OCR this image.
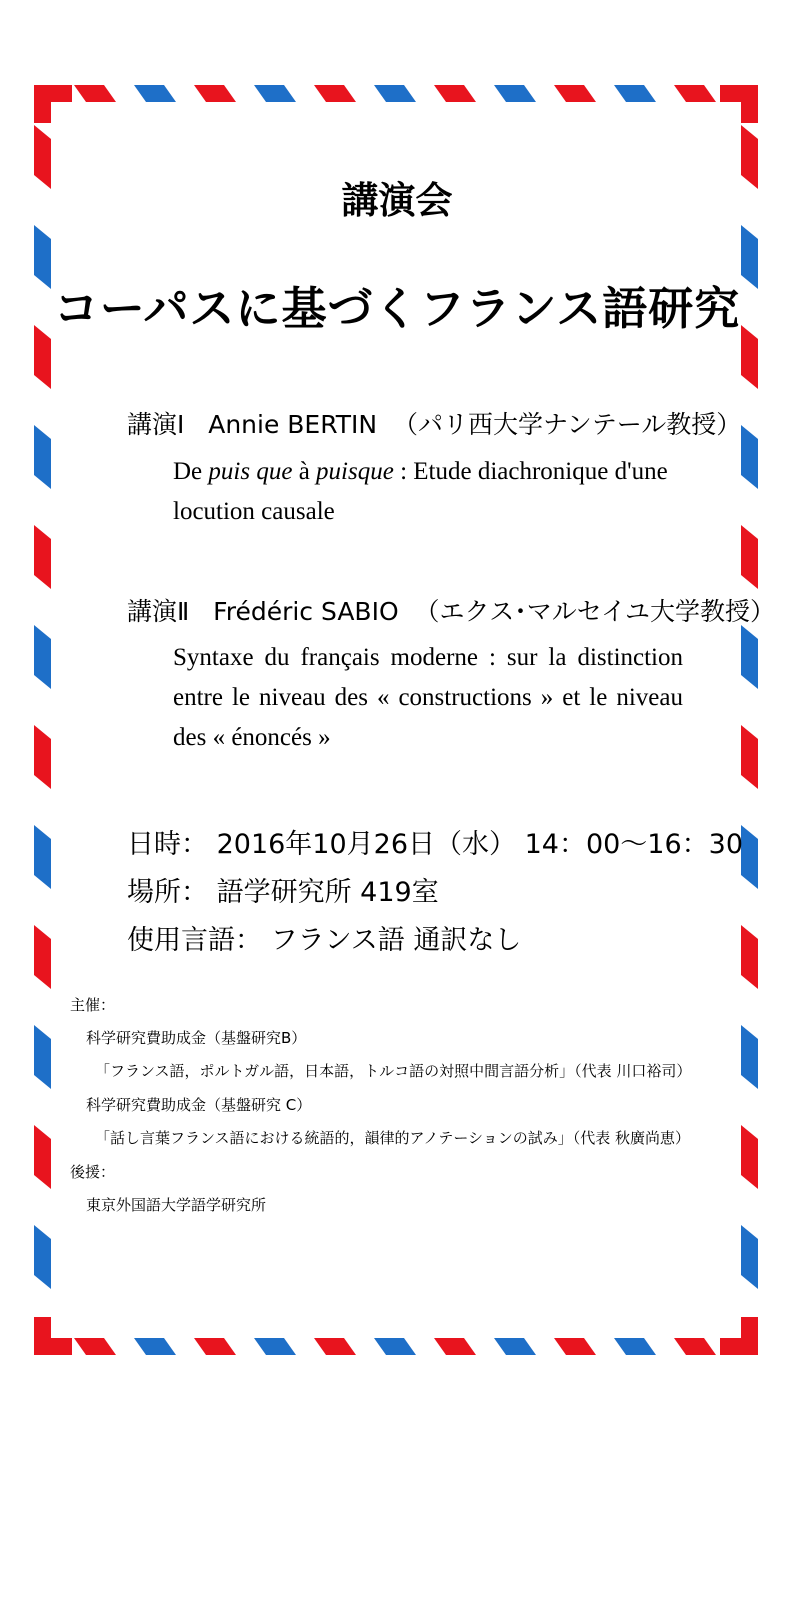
講演会
コーパスに基づくフランス語研究
講演Ⅰ Annie BERTIN （パリ西大学ナンテール教授）
De puis que à puisque : Etude diachronique d'une locution causale
講演Ⅱ Frédéric SABIO （エクス･マルセイユ大学教授）
Syntaxe du français moderne : sur la distinction entre le niveau des « constructions » et le niveau des « énoncés »
日時： 2016年10月26日（水） 14：00～16：30
場所： 語学研究所 419室
使用言語： フランス語 通訳なし
主催：
科学研究費助成金（基盤研究B）
「フランス語，ポルトガル語，日本語，トルコ語の対照中間言語分析」（代表 川口裕司）
科学研究費助成金（基盤研究 C）
「話し言葉フランス語における統語的，韻律的アノテーションの試み」（代表 秋廣尚恵）
後援：
東京外国語大学語学研究所
